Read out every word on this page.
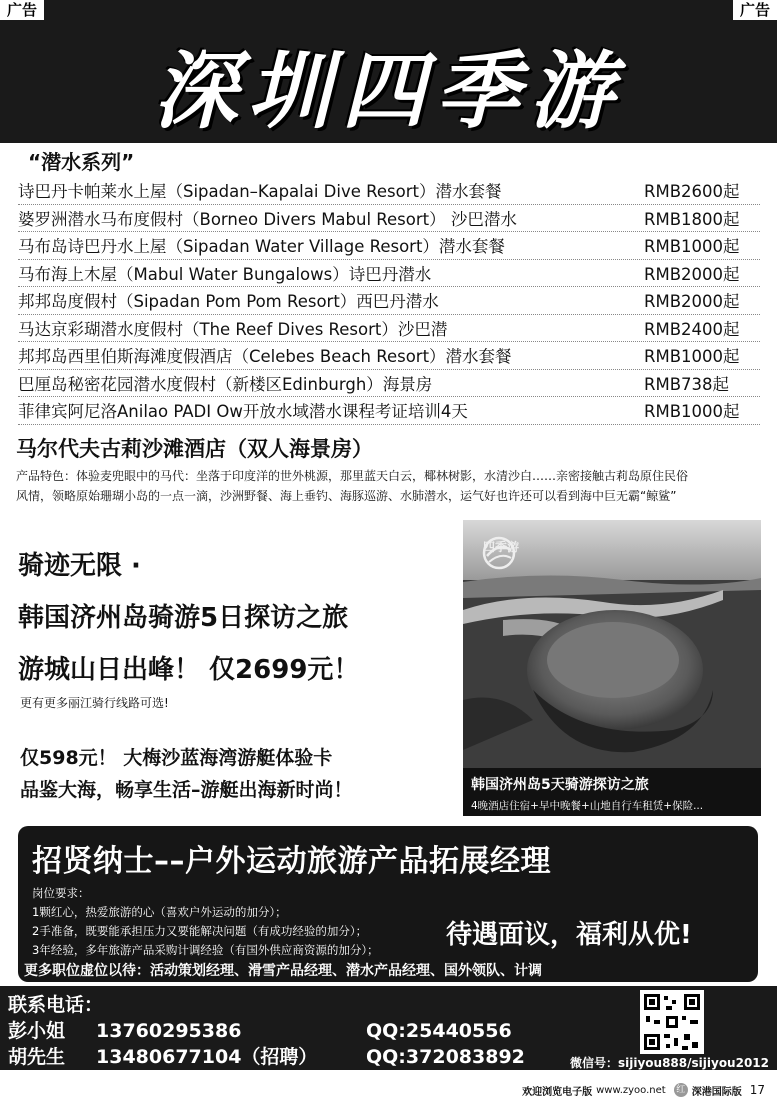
深圳四季游
广告	广告
“潜水系列”
诗巴丹卡帕莱水上屋（Sipadan–Kapalai Dive Resort）潜水套餐	RMB2600起
婆罗洲潜水马布度假村（Borneo Divers Mabul Resort） 沙巴潜水	RMB1800起
马布岛诗巴丹水上屋（Sipadan Water Village Resort）潜水套餐	RMB1000起
马布海上木屋（Mabul Water Bungalows）诗巴丹潜水	RMB2000起
邦邦岛度假村（Sipadan Pom Pom Resort）西巴丹潜水	RMB2000起
马达京彩瑚潜水度假村（The Reef Dives Resort）沙巴潜	RMB2400起
邦邦岛西里伯斯海滩度假酒店（Celebes Beach Resort）潜水套餐	RMB1000起
巴厘岛秘密花园潜水度假村（新楼区Edinburgh）海景房	RMB738起
菲律宾阿尼洛Anilao PADI Ow开放水域潜水课程考证培训4天	RMB1000起
马尔代夫古莉沙滩酒店（双人海景房）
产品特色：体验麦兜眼中的马代：坐落于印度洋的世外桃源，那里蓝天白云，椰林树影，水清沙白……亲密接触古莉岛原住民俗
风情，领略原始珊瑚小岛的一点一滴，沙洲野餐、海上垂钓、海豚巡游、水肺潜水，运气好也许还可以看到海中巨无霸“鲸鲨”
骑迹无限 ·
韩国济州岛骑游5日探访之旅
游城山日出峰！ 仅2699元！
更有更多丽江骑行线路可选!
仅598元！ 大梅沙蓝海湾游艇体验卡
品鉴大海，畅享生活–游艇出海新时尚！
四季游
韩国济州岛5天骑游探访之旅
4晚酒店住宿+早中晚餐+山地自行车租赁+保险...
招贤纳士––户外运动旅游产品拓展经理
岗位要求：
1颗红心，热爱旅游的心（喜欢户外运动的加分）；
2手准备，既要能承担压力又要能解决问题（有成功经验的加分）；
3年经验，多年旅游产品采购计调经验（有国外供应商资源的加分）；	待遇面议，福利从优!
更多职位虚位以待：活动策划经理、滑雪产品经理、潜水产品经理、国外领队、计调
联系电话：
彭小姐 13760295386	QQ:25440556
胡先生 13480677104（招聘）	QQ:372083892	微信号：sijiyou888/sijiyou2012
欢迎浏览电子版 www.zyoo.net 红 深港国际版 17
